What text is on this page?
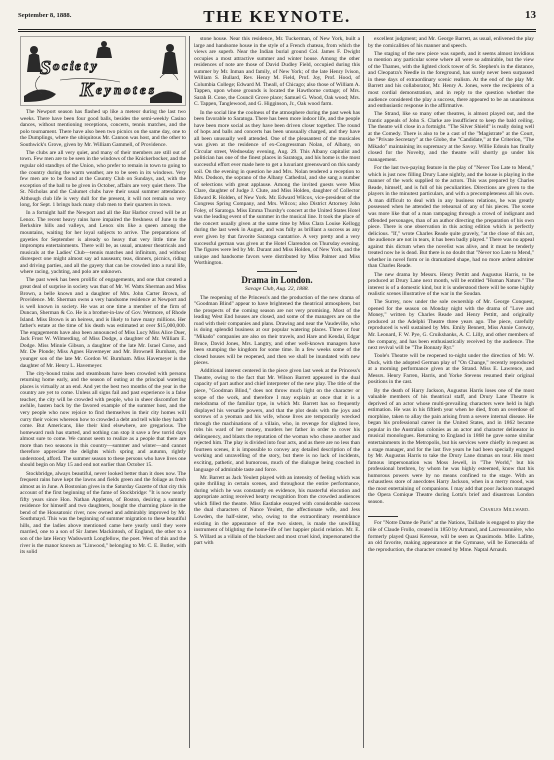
September 8, 1888.	THE KEYNOTE.	13
S o c i e t y
K e y n o t e s

The Newport season has flashed up like a meteor during the last two weeks. There have been four good balls, besides the semi-weekly Casino dances, without mentioning receptions, concerts, tennis matches, and the polo tournament. There have also been two picnics on the same day, one to the Dumplings, where the ubiquitous Mr. Cannon was host, and the other to Southwick's Grove, given by Mr. William Gammell, of Providence.

The clubs are all very quiet, and many of their members are still out of town. Few men are to be seen in the windows of the Knickerbocker, and the regular old standbys of the Union, who prefer to remain in town to going to the country during the warm weather, are to be seen in its windows. Very few men are to be found at the Country Club on Sundays, and, with the exception of the ball to be given in October, affairs are very quiet there. The St. Nicholas and the Calumet clubs have their usual summer attendance. Although club life is very dull for the present, it will not remain so very long, for Sept. 1 brings back many club men to their quarters in town.

In a fortnight half the Newport and all the Bar Harbor crowd will be at Lenox. The recent heavy rains have impaired the freshness of June to the Berkshire hills and valleys, and Lenox sits like a queen among the mountains, waiting for her loyal subjects to arrive. The preparations of gayeties for September is already so heavy that very little time for impromptu entertainments. There will be, as usual, amateur theatricals and musicals at the Ladies' Club—tennis matches and infinitum, and without disrespect one might almost say ad nauseam; teas, dinners, picnics, riding and driving parties, and all the gayety that can be crowded into a rural life, where racing, yachting, and polo are unknown.

The past week has been prolific of engagements, and one that created a great deal of surprise in society was that of Mr. W. Watts Sherman and Miss Brown, a belle known and a daughter of Mrs. John Carter Brown, of Providence. Mr. Sherman owns a very handsome residence at Newport and is well known in society. He was at one time a member of the firm of Duncan, Sherman & Co. He is a brother-in-law of Gov. Wetmore, of Rhode Island. Miss Brown is an heiress, and is likely to have many millions. Her father's estate at the time of his death was estimated at over $15,000,000. The engagements have also been announced of Miss Lucy Miss Alice Duer, Jack Frost W. Wilmerding, of Miss Dodge, a daughter of Mr. William E. Dodge. Miss Minnie Gibson, a daughter of the late Mr. Israel Corse, and Mr. De Plonde; Miss Agnes Havemeyer and Mr. Brownell Burnham, the younger son of the late Mr. Gordon W. Burnham. Miss Havemeyer is the daughter of Mr. Henry L. Havemeyer.

The city-bound trains and steamboats have been crowded with persons returning home early, and the season of outing at the principal watering places is virtually at an end. And yet the best two months of the year in the country are yet to come. Unless all signs fail and past experience is a false teacher, the city will be crowded with people, who in sheer discomfort for awhile, hasten back by the favored example of the summer host, and the very people who now rejoice to find themselves in their city homes will curry their voices whereon how to crowded a debt and tell while they hadn't come. But Americans, like their kind elsewhere, are gregarious. The homeward rush has started, and nothing can stop it save a few torrid days almost sure to come. We cannot seem to realize as a people that there are more than two seasons in this country—summer and winter—and cannot therefore appreciate the delights which spring and autumn, rightly understood, afford. The summer season to these persons who have lives one should begin on May 15 and end not earlier than October 15.

Stockbridge, always beautiful, never looked better than it does now. The frequent rains have kept the lawns and fields green and the foliage as fresh almost as in June. A Bostonian gives in the Saturday Gazette of that city this account of the first beginning of the fame of Stockbridge: "It is now nearly fifty years since Hon. Nathan Appleton, of Boston, desiring a summer residence for himself and two daughters, bought the charming place in the bend of the Housatonic river, now owned and admirably improved by Mr. Southmayd. This was the beginning of summer migration to these beautiful hills, and the ladies above mentioned came here yearly until they were married, one to a son of Sir James Mackintosh, of England, the other to a son of the late Henry Wadsworth Longfellow, the poet. West of this and the river is the manor known as "Linwood," belonging to Mr. C. E. Butler, with its solid

stone house. Near this residence, Mr. Tuckerman, of New York, built a large and handsome house in the style of a French chateau, from which the views are superb. Near the Indian burial ground Col. James F. Dwight occupies a most attractive summer and winter house. Among the other residences of note are those of David Dudley Field, occupied during this summer by Mr. Inman and family, of New York; of the late Henry Ivison, William S. Bullard, Rev. Henry M. Field, Prof. Joy, Prof. Hood, of Columbia College; Edward M. Theall, of Chicago; also those of William A. Tappen, upon whose grounds is located the Hawthorne cottage; of Mrs. Sarah B. Cone, the Council Grove place; Samuel G. Wood, Oak wood; Mrs. C. Tappen, Tanglewood, and G. Higginson, Jr., Oak wood farm.

In the social line the coolness of the atmosphere during the past week has been favorable to Saratoga. There has been more indoor life, and the people have been more social as they have been driven closer together. The round of hops and balls and concerts has been unusually charged, and they have all been unusually well attended. One of the pleasantest of the musicales was given at the residence of ex-Congressman Nolan, of Albany, on Circular street, Wednesday evening, Aug. 29. This Albany capitalist and politician has one of the finest places in Saratoga, and his home is the most successful effort ever made here to get a luxuriant greensward on this sandy soil. On the evening in question he and Mrs. Nolan tendered a reception to Mrs. Dodson, the soprano of the Albany Cathedral, and she sang a number of selections with great applause. Among the invited guests were Miss Clare, daughter of Judge J. Clute, and Miss Holden, daughter of Collector Edward R. Holden, of New York. Mr. Edward Wilcox, vice-president of the Congress Spring Company, and Mrs. Wilcox; also District Attorney John Foley, of Saratoga. Miss Emma Thursby's concert at the United States Hotel was the leading event of the summer in the musical line. It took the place of the concert usually given at the same time by Miss Clara Louise Kellogg during the last week in August, and was fully as brilliant a success as any ever given by that favorite Saratoga cantatrice. A very pretty and a very successful german was given at the Hotel Clarendon on Thursday evening. The figures were led by Mr. Durant and Miss Holden, of New York, and the unique and handsome favors were distributed by Miss Palmer and Miss Worthington.

Drama in London.
Savage Club, Aug. 22, 1888.

The reopening of the Princess's and the production of the new drama of "Goodman Blind" appear to have brightened the theatrical atmosphere, but the prospects of the coming season are not very promising. Most of the leading West End houses are closed, and some of the managers are on the road with their companies and plans. Drawing and near the Vaudeville, who is doing splendid business at our popular watering places. Three or four "Mikado" companies are also on their travels, and Hare and Kendal, Edgar Bruce, David Jones, Mrs. Langtry, and other well-known managers have been stumping the kingdom for some time. In a few weeks some of the closed houses will be reopened, and then we shall be inundated with new pieces.

Additional interest centered in the piece given last week at the Princess's Theatre, owing to the fact that Mr. Wilson Barrett appeared in the dual capacity of part author and chief interpreter of the new play. The title of the piece, "Goodman Blind," does not throw much light on the character or scope of the work, and therefore I may explain at once that it is a melodrama of the familiar type, in which Mr. Barrett has so frequently displayed his versatile powers, and that the plot deals with the joys and sorrows of a yeoman and his wife, whose lives are temporarily wrecked through the machinations of a villain, who, in revenge for slighted love, robs his ward of her money, murders her father in order to cover his delinquency, and blasts the reputation of the woman who chose another and rejected him. The play is divided into four acts, and as there are no less than fourteen scenes, it is impossible to convey any detailed description of the working and unravelling of the story, but there is no lack of incidents, exciting, pathetic, and humorous, much of the dialogue being couched in language of admirable taste and force.

Mr. Barrett as Jack Yeulett played with an intensity of feeling which was quite thrilling in certain scenes, and throughout the entire performance, during which he was constantly en evidence, his masterful elocution and appropriate acting received hearty recognition from the crowded audiences which filled the theatre. Miss Eastlake essayed with considerable success the dual characters of Nance Yeulett, the affectionate wife, and Jess Lowden, the half-sister, who, owing to the extraordinary resemblance existing in the appearance of the two sisters, is made the unwilling instrument of blighting the home-life of her happier placid relation. Mr. E. S. Willard as a villain of the blackest and most cruel kind, impersonated the part with

excellent judgment; and Mr. George Barrett, as usual, enlivened the play by the comicalities of his manner and speech.

The staging of the new piece was superb, and it seems almost invidious to mention any particular scene where all were so admirable, but the view of the Thames, with the lighted clock tower of St. Stephen's in the distance, and Cleopatra's Needle in the foreground, has surely never been surpassed in these days of extraordinary scenic realism. At the end of the play Mr. Barrett and his collaborator, Mr. Henry A. Jones, were the recipients of a most cordial demonstration, and in reply to the question whether the audience considered the play a success, there appeared to be an unanimous and enthusiastic response in the affirmative.

The Strand, like so many other theatres, is almost played out, and the frantic appeals of John S. Clarke are insufficient to keep the bald ceiling. The theatre will close in a fortnight. "The Silver Shield" is really doing well at the Comedy. There is also to be a cast of the "Magistrate" at the Court, the "Private Secretary" at the Globe, the "Candidate," at the Criterion, "The Mikado" maintaining its supremacy at the Savoy. Willie Edouin has finally closed for the Novelty, and the theatre will shortly go under his management.

For the last two-paying feature in the play of "Never Too Late to Mend," which is just now filling Drury Lane nightly, and the house is playing in the manner of the work supplied to the actors. This was prepared by Charles Reade, himself, and is full of his peculiarities. Directions are given to the players in the minutest particulars, and with a precompleteness all his own. A man difficult to deal with in any business relations, he was greatly possessed when he attended the rehearsal of any of his pieces. The scene was more like that of a man rampaging through a crowd of indignant and offended personages, than of an author directing the preparation of his own piece. There is one observation in this acting edition which is perfectly delicious. "If," wrote Charles Reade quite gravely, "at the close of this act, the audience are not in tears, it has been badly played." There was no appeal against this dictum when the novelist was alive, and it must be tenderly treated now he is dead. But there is no doubt that "Never too Late to Mend," whether in novel form or in dramatized shape, had no more ardent admirer than Charles Reade.

The new drama by Messrs. Henry Pettitt and Augustus Harris, to be produced at Drury Lane next month, will be entitled "Human Nature." The interest is of a domestic kind, but it is understood there will be some highly realistic scenes illustrative of the war in the Soudan.

The Surrey, now under the sole ownership of Mr. George Conquest, opened for the season on Monday night with the drama of "Love and Money," written by Charles Reade and Henry Pettitt, and originally produced at the Adelphi Theatre three years ago. The piece, carefully reproduced is well sustained by Mrs. Emily Bennett, Miss Annie Conway, Mr. Leonard, F. W. Pye, G. Cruikshanks, A. C. Lilly, and other members of the company, and has been enthusiastically received by the audience. The next revival will be "The Bonnaty Ryr."

Toole's Theatre will be reopened to-night under the direction of Mr. W. Duck, with the adopted German play of "On Change," recently reproduced at a morning performance given at the Strand. Miss E. Lawrence, and Messrs. Henry Farren, Harris, and Yorke Stevens resumed their original positions in the cast.

By the death of Harry Jackson, Augustus Harris loses one of the most valuable members of his theatrical staff, and Drury Lane Theatre is deprived of an actor whose multi-prevailing characters were held in high estimation. He was in his fiftieth year when he died, from an overdose of morphine, taken to allay the pain arising from a severe internal disease. He began his professional career in the United States, and in 1862 became popular in the Australian colonies as an actor and character delineator in musical monologues. Returning to England in 1868 he gave some similar entertainments in the Metropolis, but his services were chiefly in request as a stage manager, and for the last five years he had been specially engaged by Mr. Augustus Harris to take the Drury Lane dramas on tour. His most famous impersonation was Moss Jewell, in "The World," but his professional brethren, by whom he was highly esteemed, know that his humorous powers were by no means confined to the stage. With an exhaustless store of anecdotes Harry Jackson, when in a merry mood, was the most entertaining of companions. I may add that poor Jackson managed the Opera Comique Theatre during Lotta's brief and disastrous London season.

Charles Millward.

For "Notre Dame de Paris" at the Nations, Taillade is engaged to play the rôle of Claude Frollo, created in 1850 by Armand, and Lacressonnière, who formerly played Quasi Keresse, will be seen as Quasimodo. Mlle. Lafitte, an old favorite, making appearance at the Gymnase, will be Esmeralda of the reproduction, the character created by Mme. Naptal Arnault.
